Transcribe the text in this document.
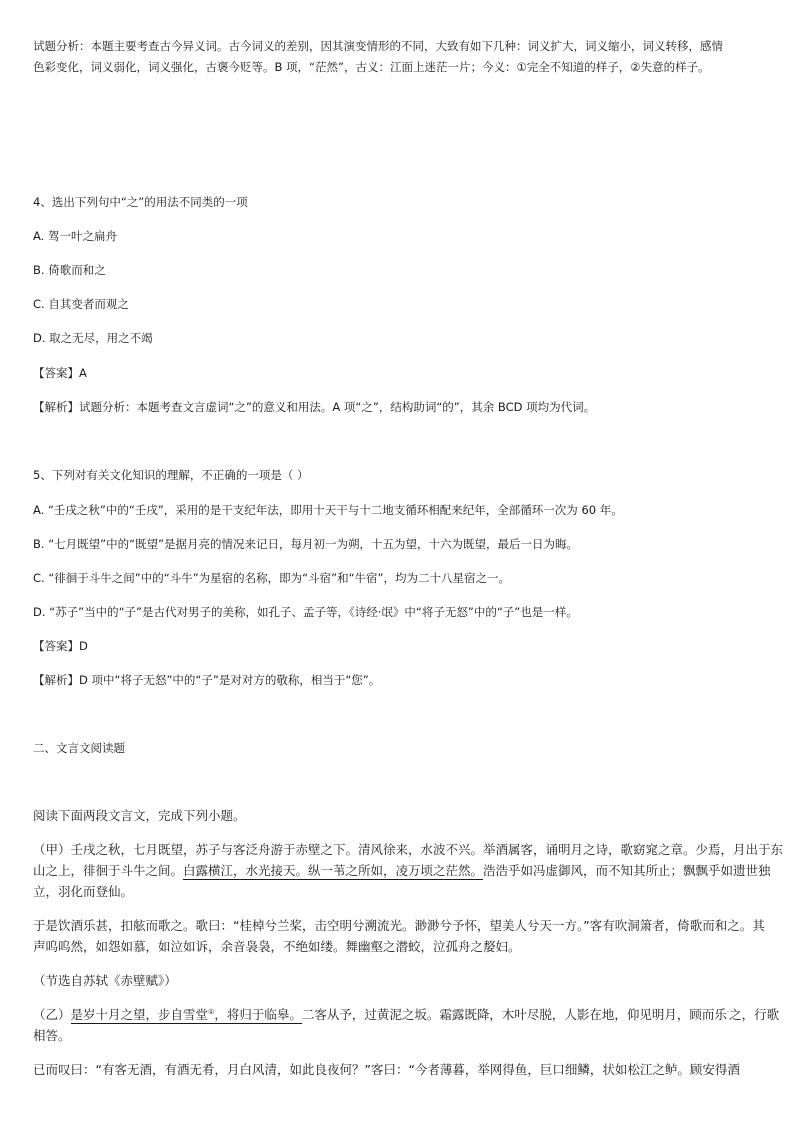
试题分析：本题主要考查古今异义词。古今词义的差别，因其演变情形的不同，大致有如下几种：词义扩大，词义缩小，词义转移，感情
色彩变化，词义弱化，词义强化，古褒今贬等。B 项，“茫然”，古义：江面上迷茫一片；今义：①完全不知道的样子，②失意的样子。
4、选出下列句中“之”的用法不同类的一项
A. 驾一叶之扁舟
B. 倚歌而和之
C. 自其变者而观之
D. 取之无尽，用之不竭
【答案】A
【解析】试题分析：本题考查文言虚词“之”的意义和用法。A 项“之”，结构助词“的”，其余 BCD 项均为代词。
5、下列对有关文化知识的理解，不正确的一项是（ ）
A. “壬戌之秋”中的“壬戌”，采用的是干支纪年法，即用十天干与十二地支循环相配来纪年，全部循环一次为 60 年。
B. “七月既望”中的“既望”是据月亮的情况来记日，每月初一为朔，十五为望，十六为既望，最后一日为晦。
C. “徘徊于斗牛之间”中的“斗牛”为星宿的名称，即为“斗宿”和“牛宿”，均为二十八星宿之一。
D. “苏子”当中的“子”是古代对男子的美称，如孔子、孟子等，《诗经·氓》中“将子无怒”中的“子”也是一样。
【答案】D
【解析】D 项中“将子无怒”中的“子”是对对方的敬称，相当于“您”。
二、文言文阅读题
阅读下面两段文言文，完成下列小题。
（甲）壬戌之秋，七月既望，苏子与客泛舟游于赤壁之下。清风徐来，水波不兴。举酒属客，诵明月之诗，歌窈窕之章。少焉，月出于东
山之上，徘徊于斗牛之间。白露横江，水光接天。纵一苇之所如，凌万顷之茫然。浩浩乎如冯虚御风，而不知其所止；飘飘乎如遗世独
立，羽化而登仙。
于是饮酒乐甚，扣舷而歌之。歌曰：“桂棹兮兰桨，击空明兮溯流光。渺渺兮予怀，望美人兮天一方。”客有吹洞箫者，倚歌而和之。其
声呜呜然，如怨如慕，如泣如诉，余音袅袅，不绝如缕。舞幽壑之潜蛟，泣孤舟之嫠妇。
（节选自苏轼《赤壁赋》）
（乙）是岁十月之望，步自雪堂①，将归于临皋。二客从予，过黄泥之坂。霜露既降，木叶尽脱，人影在地，仰见明月，顾而乐·之，行歌
相答。
已而叹曰：“有客无酒，有酒无肴，月白风清，如此良夜何？”客曰：“今者薄暮，举网得鱼，巨口细鳞，状如松江之鲈。顾安得酒
